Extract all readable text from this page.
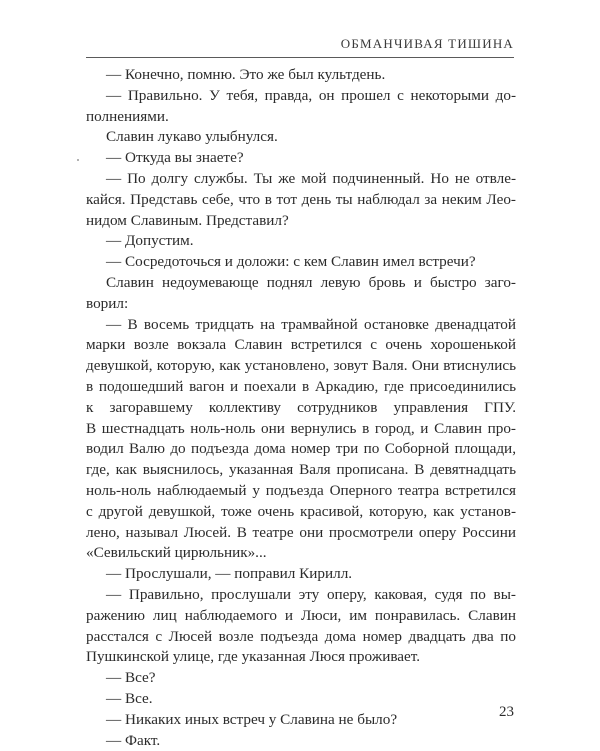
ОБМАНЧИВАЯ ТИШИНА
— Конечно, помню. Это же был культдень.
— Правильно. У тебя, правда, он прошел с некоторыми до-
полнениями.
Славин лукаво улыбнулся.
— Откуда вы знаете?
— По долгу службы. Ты же мой подчиненный. Но не отвле-
кайся. Представь себе, что в тот день ты наблюдал за неким Лео-
нидом Славиным. Представил?
— Допустим.
— Сосредоточься и доложи: с кем Славин имел встречи?
Славин недоумевающе поднял левую бровь и быстро заго-
ворил:
— В восемь тридцать на трамвайной остановке двенадцатой
марки возле вокзала Славин встретился с очень хорошенькой
девушкой, которую, как установлено, зовут Валя. Они втиснулись
в подошедший вагон и поехали в Аркадию, где присоединились
к загоравшему коллективу сотрудников управления ГПУ.
В шестнадцать ноль-ноль они вернулись в город, и Славин про-
водил Валю до подъезда дома номер три по Соборной площади,
где, как выяснилось, указанная Валя прописана. В девятнадцать
ноль-ноль наблюдаемый у подъезда Оперного театра встретился
с другой девушкой, тоже очень красивой, которую, как установ-
лено, называл Люсей. В театре они просмотрели оперу Россини
«Севильский цирюльник»...
— Прослушали, — поправил Кирилл.
— Правильно, прослушали эту оперу, каковая, судя по вы-
ражению лиц наблюдаемого и Люси, им понравилась. Славин
расстался с Люсей возле подъезда дома номер двадцать два по
Пушкинской улице, где указанная Люся проживает.
— Все?
— Все.
— Никаких иных встреч у Славина не было?
— Факт.
23
